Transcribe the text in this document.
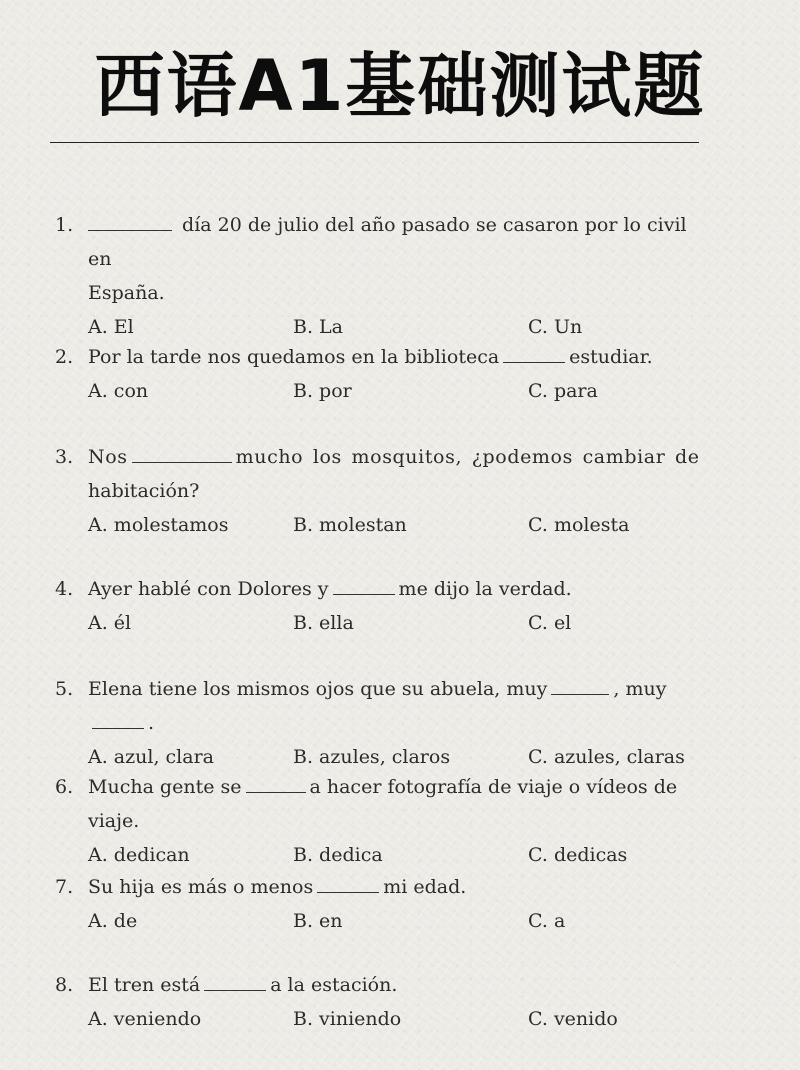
西语A1基础测试题
1.	día 20 de julio del año pasado se casaron por lo civil en
España.
A. El	B. La	C. Un
2. Por la tarde nos quedamos en la biblioteca	estudiar.
A. con	B. por	C. para
3. Nos	mucho los mosquitos, ¿podemos cambiar de
habitación?
A. molestamos	B. molestan	C. molesta
4. Ayer hablé con Dolores y	me dijo la verdad.
A. él	B. ella	C. el
5. Elena tiene los mismos ojos que su abuela, muy	, muy.
A. azul, clara	B. azules, claros	C. azules, claras
6. Mucha gente se	a hacer fotografía de viaje o vídeos de viaje.
A. dedican	B. dedica	C. dedicas
7. Su hija es más o menos	mi edad.
A. de	B. en	C. a
8. El tren está	a la estación.
A. veniendo	B. viniendo	C. venido
